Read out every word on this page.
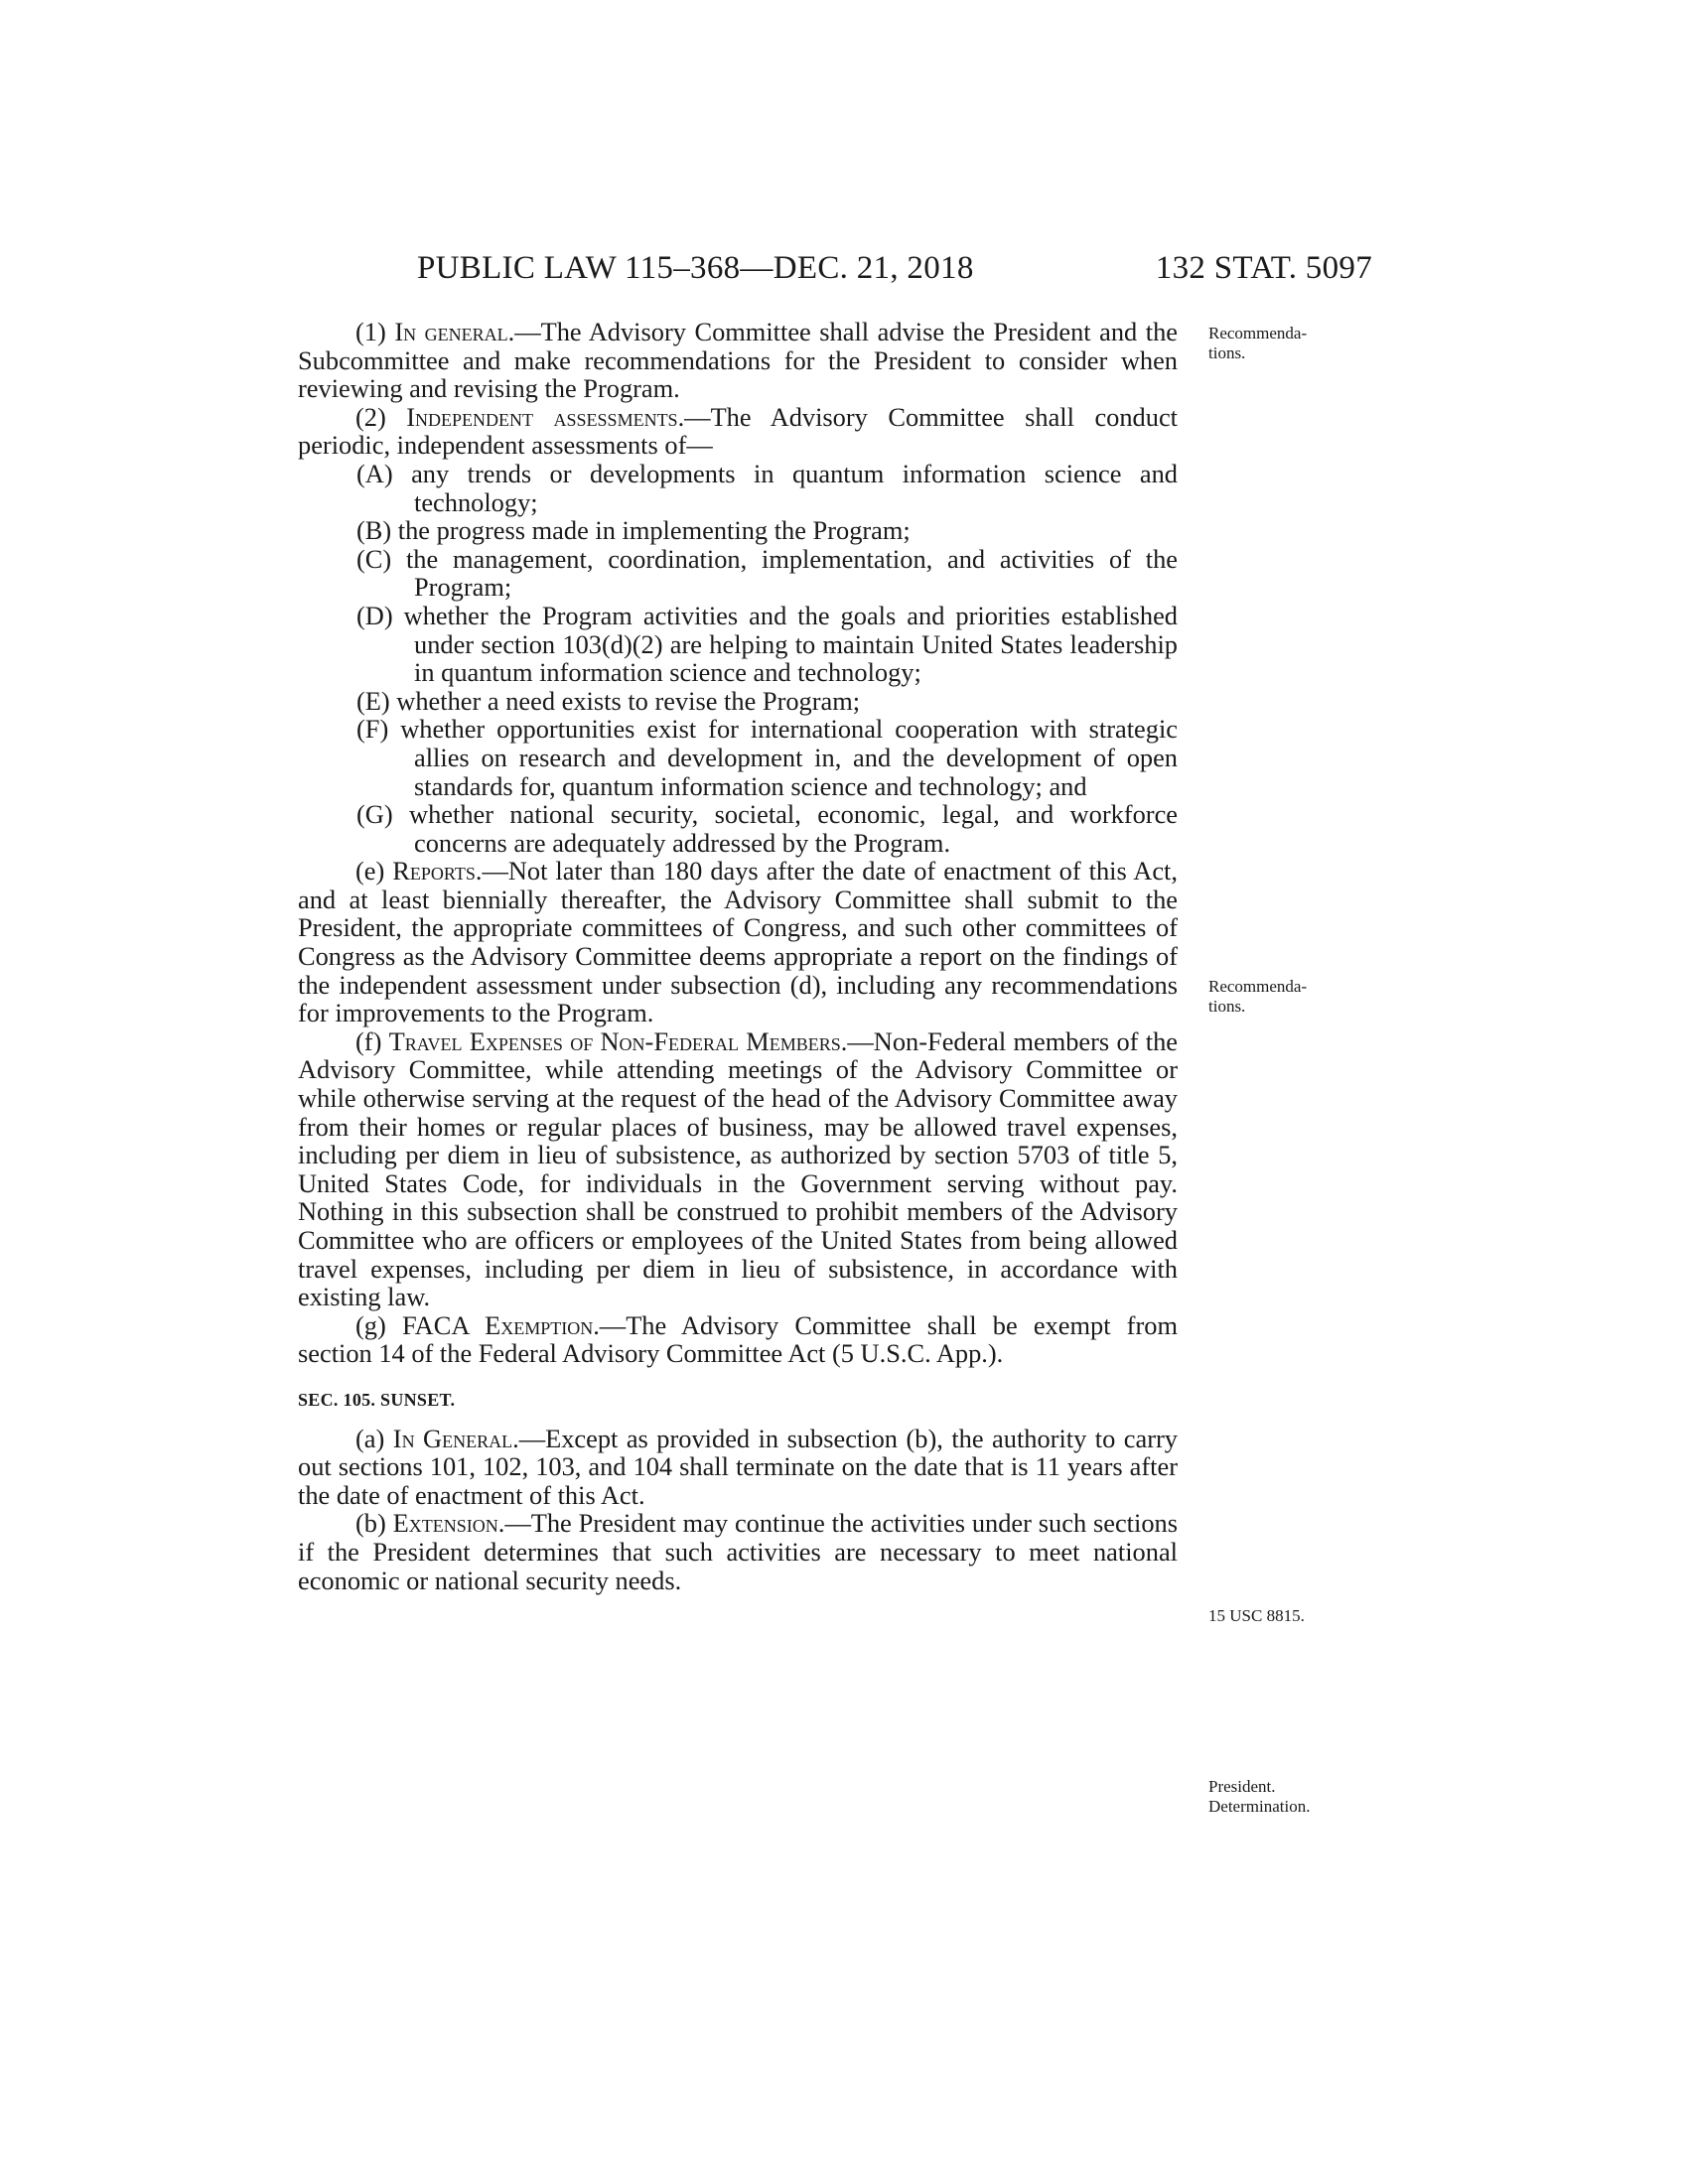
PUBLIC LAW 115–368—DEC. 21, 2018	132 STAT. 5097

(1) In general.—The Advisory Committee shall advise the President and the Subcommittee and make recommendations for the President to consider when reviewing and revising the Program.

(2) Independent assessments.—The Advisory Committee shall conduct periodic, independent assessments of—

(A) any trends or developments in quantum information science and technology;

(B) the progress made in implementing the Program;

(C) the management, coordination, implementation, and activities of the Program;

(D) whether the Program activities and the goals and priorities established under section 103(d)(2) are helping to maintain United States leadership in quantum information science and technology;

(E) whether a need exists to revise the Program;

(F) whether opportunities exist for international cooperation with strategic allies on research and development in, and the development of open standards for, quantum information science and technology; and

(G) whether national security, societal, economic, legal, and workforce concerns are adequately addressed by the Program.

(e) Reports.—Not later than 180 days after the date of enactment of this Act, and at least biennially thereafter, the Advisory Committee shall submit to the President, the appropriate committees of Congress, and such other committees of Congress as the Advisory Committee deems appropriate a report on the findings of the independent assessment under subsection (d), including any recommendations for improvements to the Program.

(f) Travel Expenses of Non-Federal Members.—Non-Federal members of the Advisory Committee, while attending meetings of the Advisory Committee or while otherwise serving at the request of the head of the Advisory Committee away from their homes or regular places of business, may be allowed travel expenses, including per diem in lieu of subsistence, as authorized by section 5703 of title 5, United States Code, for individuals in the Government serving without pay. Nothing in this subsection shall be construed to prohibit members of the Advisory Committee who are officers or employees of the United States from being allowed travel expenses, including per diem in lieu of subsistence, in accordance with existing law.

(g) FACA Exemption.—The Advisory Committee shall be exempt from section 14 of the Federal Advisory Committee Act (5 U.S.C. App.).

SEC. 105. SUNSET.

(a) In General.—Except as provided in subsection (b), the authority to carry out sections 101, 102, 103, and 104 shall terminate on the date that is 11 years after the date of enactment of this Act.

(b) Extension.—The President may continue the activities under such sections if the President determines that such activities are necessary to meet national economic or national security needs.

Recommenda-
tions.
Recommenda-
tions.
15 USC 8815.
President.
Determination.
